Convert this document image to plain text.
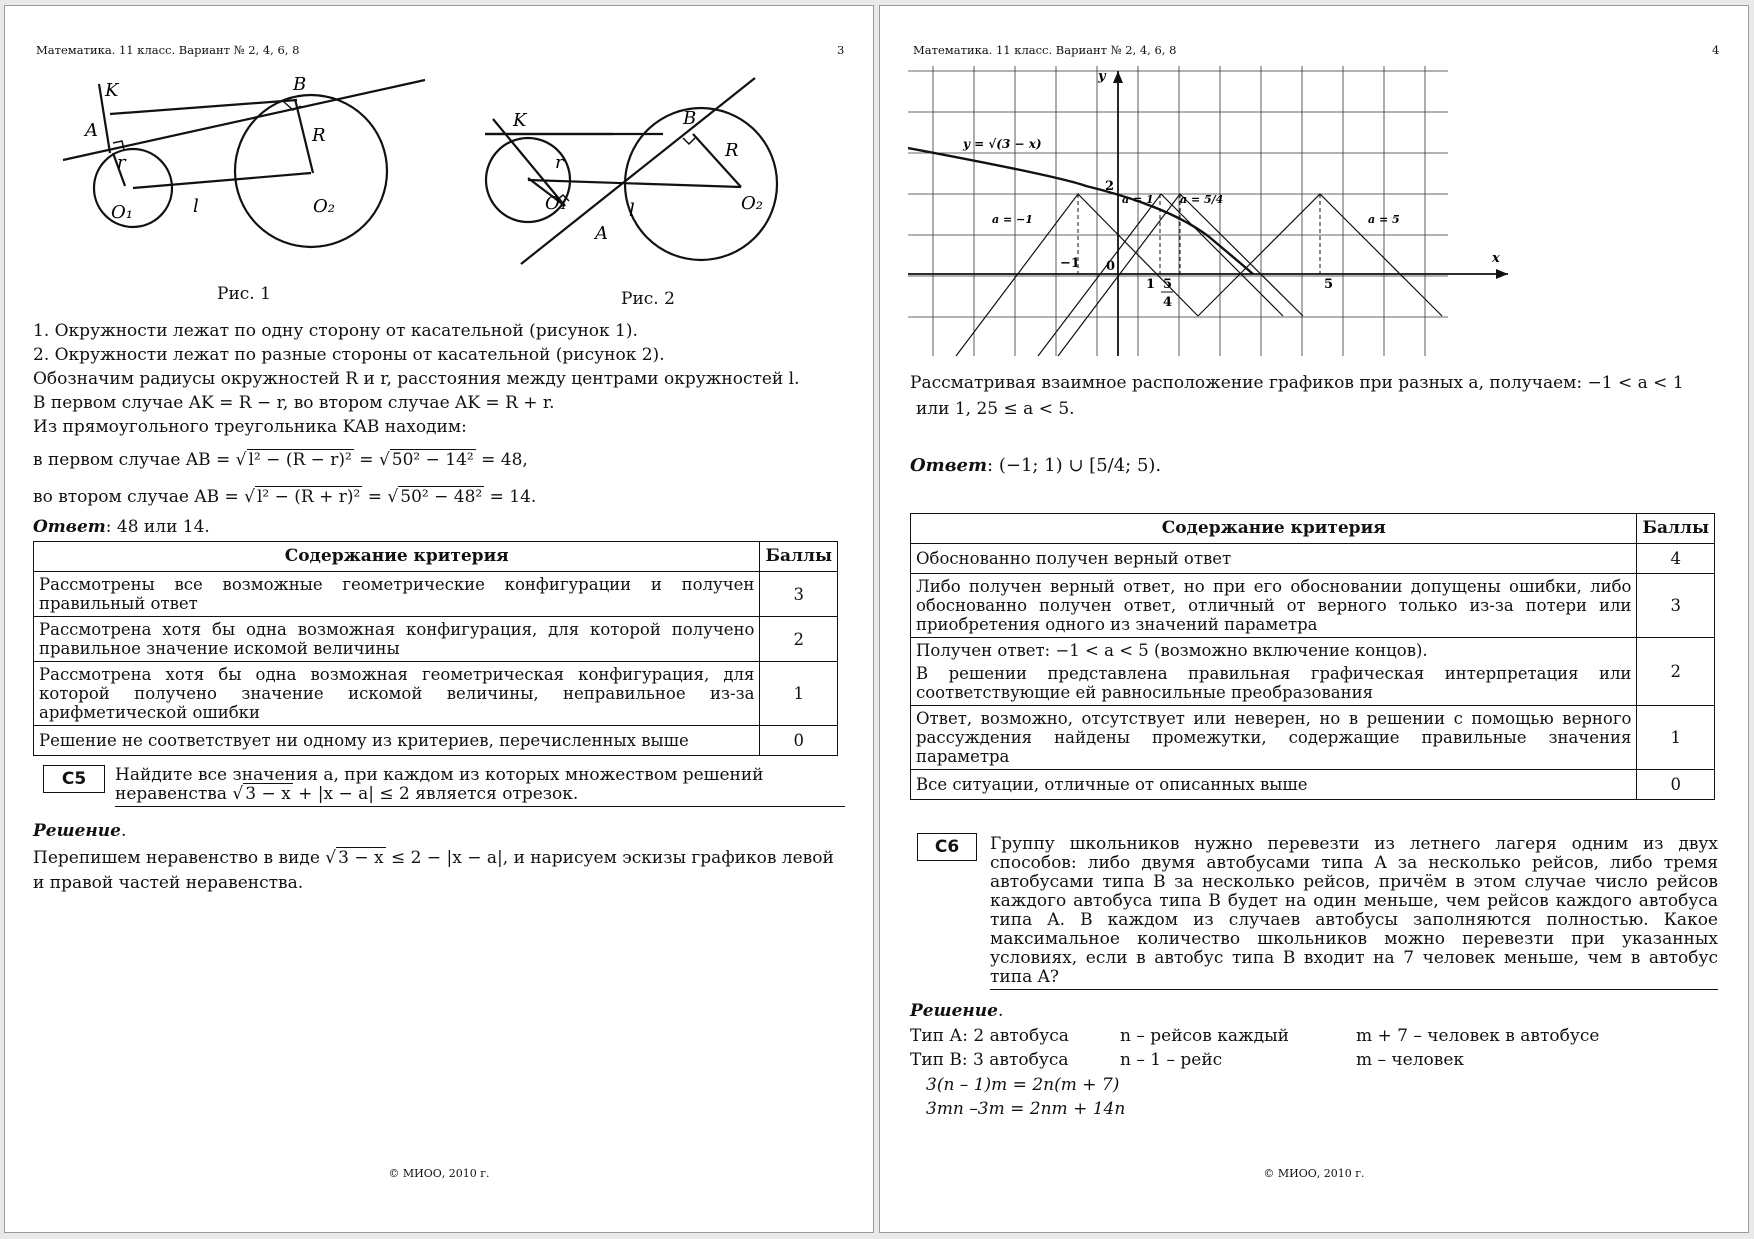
Математика. 11 класс. Вариант № 2, 4, 6, 8	3
K	B
A	R
r
O₁	l	O₂
Рис. 1
K	B
r
R
O₁	l	O₂
A
Рис. 2
1. Окружности лежат по одну сторону от касательной (рисунок 1).
2. Окружности лежат по разные стороны от касательной (рисунок 2).
Обозначим радиусы окружностей R и r, расстояния между центрами окружностей l.
В первом случае AK = R − r, во втором случае AK = R + r.
Из прямоугольного треугольника KAB находим:
в первом случае AB = √ l² − (R − r)² = √ 50² − 14² = 48,
во втором случае AB = √ l² − (R + r)² = √ 50² − 48² = 14.
Ответ: 48 или 14.
Содержание критерия	Баллы
Рассмотрены все возможные геометрические конфигурации и получен правильный ответ	3
Рассмотрена хотя бы одна возможная конфигурация, для которой получено правильное значение искомой величины	2
Рассмотрена хотя бы одна возможная геометрическая конфигурация, для которой получено значение искомой величины, неправильное из-за арифметической ошибки	1
Решение не соответствует ни одному из критериев, перечисленных выше	0
С5	Найдите все значения a, при каждом из которых множеством решений
неравенства √ 3 − x + |x − a| ≤ 2 является отрезок.
Решение.
Перепишем неравенство в виде √ 3 − x ≤ 2 − |x − a|, и нарисуем эскизы графиков левой
и правой частей неравенства.
© МИОО, 2010 г.
Математика. 11 класс. Вариант № 2, 4, 6, 8	4
y
x
y = √(3 − x)
2
−1 0
1 5
4
5
a = −1
a = 1 a = 5/4
a = 5
Рассматривая взаимное расположение графиков при разных a, получаем: −1 < a < 1
или 1, 25 ≤ a < 5.
Ответ: (−1; 1) ∪ [5/4; 5).
Содержание критерия	Баллы
Обоснованно получен верный ответ	4
Либо получен верный ответ, но при его обосновании допущены ошибки, либо обоснованно получен ответ, отличный от верного только из-за потери или приобретения одного из значений параметра	3

Получен ответ: −1 < a < 5 (возможно включение концов).
В решении представлена правильная графическая интерпретация или соответствующие ей равносильные преобразования	2
Ответ, возможно, отсутствует или неверен, но в решении с помощью верного рассуждения найдены промежутки, содержащие правильные значения параметра	1
Все ситуации, отличные от описанных выше	0
С6	Группу школьников нужно перевезти из летнего лагеря одним из двух способов: либо двумя автобусами типа A за несколько рейсов, либо тремя автобусами типа B за несколько рейсов, причём в этом случае число рейсов каждого автобуса типа B будет на один меньше, чем рейсов каждого автобуса типа A. В каждом из случаев автобусы заполняются полностью. Какое максимальное количество школьников можно перевезти при указанных условиях, если в автобус типа B входит на 7 человек меньше, чем в автобус типа A?
Решение.
Тип А: 2 автобуса	n – рейсов каждый	m + 7 – человек в автобусе
Тип В: 3 автобуса	n – 1 – рейс	m – человек
3(n – 1)m = 2n(m + 7)
3mn –3m = 2nm + 14n
© МИОО, 2010 г.
